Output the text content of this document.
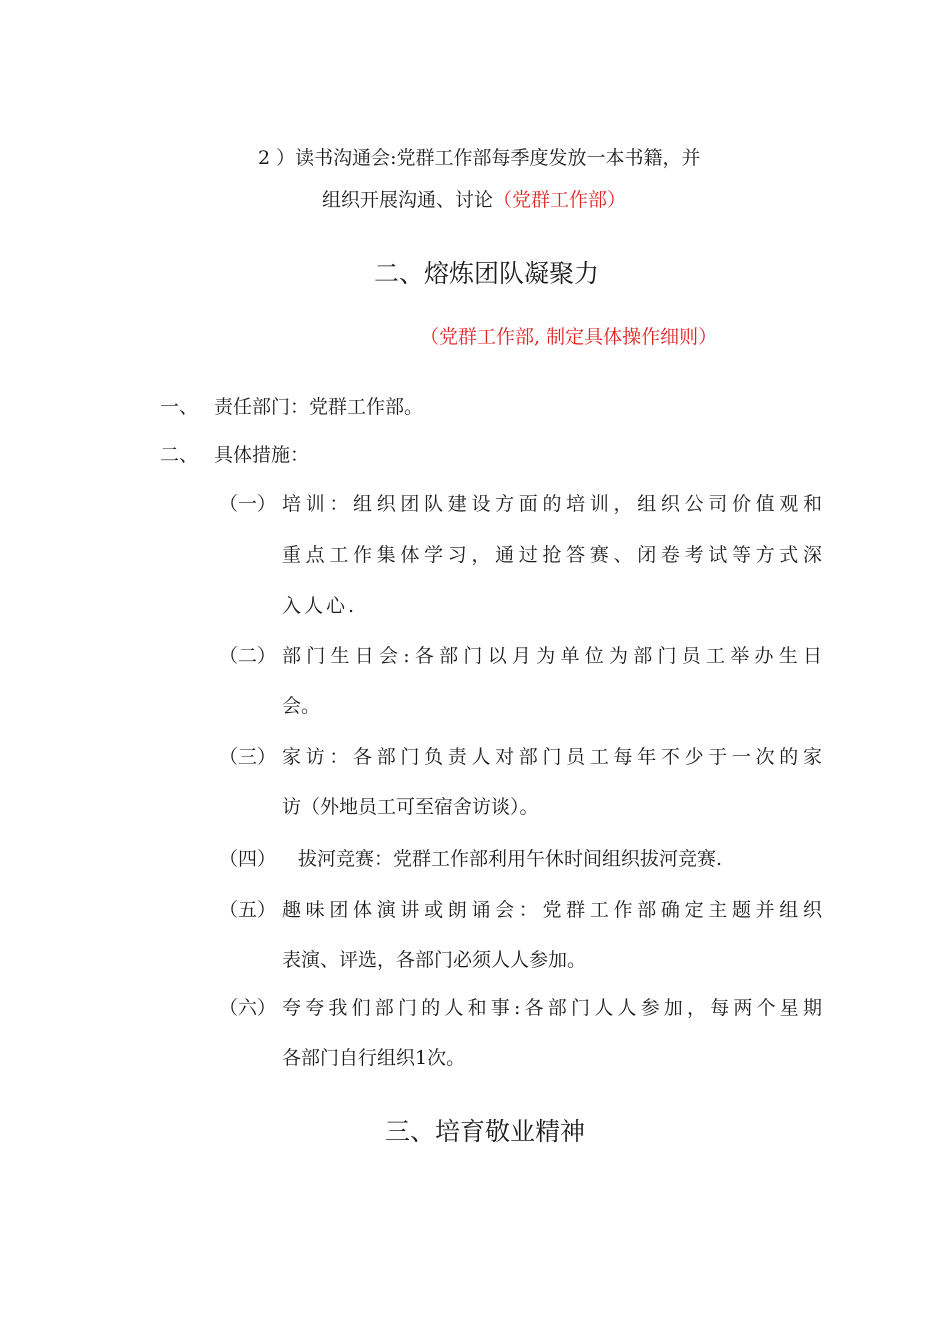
2 ）读书沟通会:党群工作部每季度发放一本书籍，并
组织开展沟通、讨论（党群工作部）
二、熔炼团队凝聚力
（党群工作部, 制定具体操作细则）
一、 责任部门：党群工作部。
二、 具体措施：
（一） 培训：组织团队建设方面的培训，组织公司价值观和
重点工作集体学习，通过抢答赛、闭卷考试等方式深
入人心.
（二） 部门生日会:各部门以月为单位为部门员工举办生日
会。
（三） 家访：各部门负责人对部门员工每年不少于一次的家
访（外地员工可至宿舍访谈）。
（四） 拔河竞赛：党群工作部利用午休时间组织拔河竞赛.
（五） 趣味团体演讲或朗诵会：党群工作部确定主题并组织
表演、评选，各部门必须人人参加。
（六） 夸夸我们部门的人和事:各部门人人参加，每两个星期
各部门自行组织1次。
三、培育敬业精神
